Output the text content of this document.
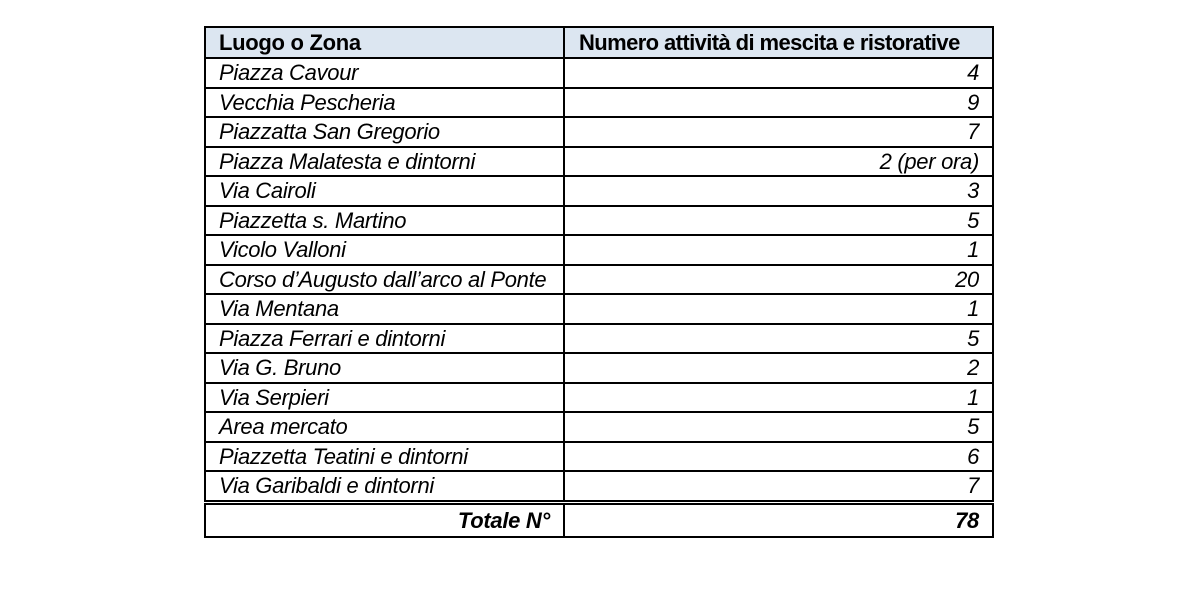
Luogo o Zona	Numero attività di mescita e ristorative
Piazza Cavour	4
Vecchia Pescheria	9
Piazzatta San Gregorio	7
Piazza Malatesta e dintorni	2 (per ora)
Via Cairoli	3
Piazzetta s. Martino	5
Vicolo Valloni	1
Corso d’Augusto dall’arco al Ponte	20
Via Mentana	1
Piazza Ferrari e dintorni	5
Via G. Bruno	2
Via Serpieri	1
Area mercato	5
Piazzetta Teatini e dintorni	6
Via Garibaldi e dintorni	7
Totale N°	78
